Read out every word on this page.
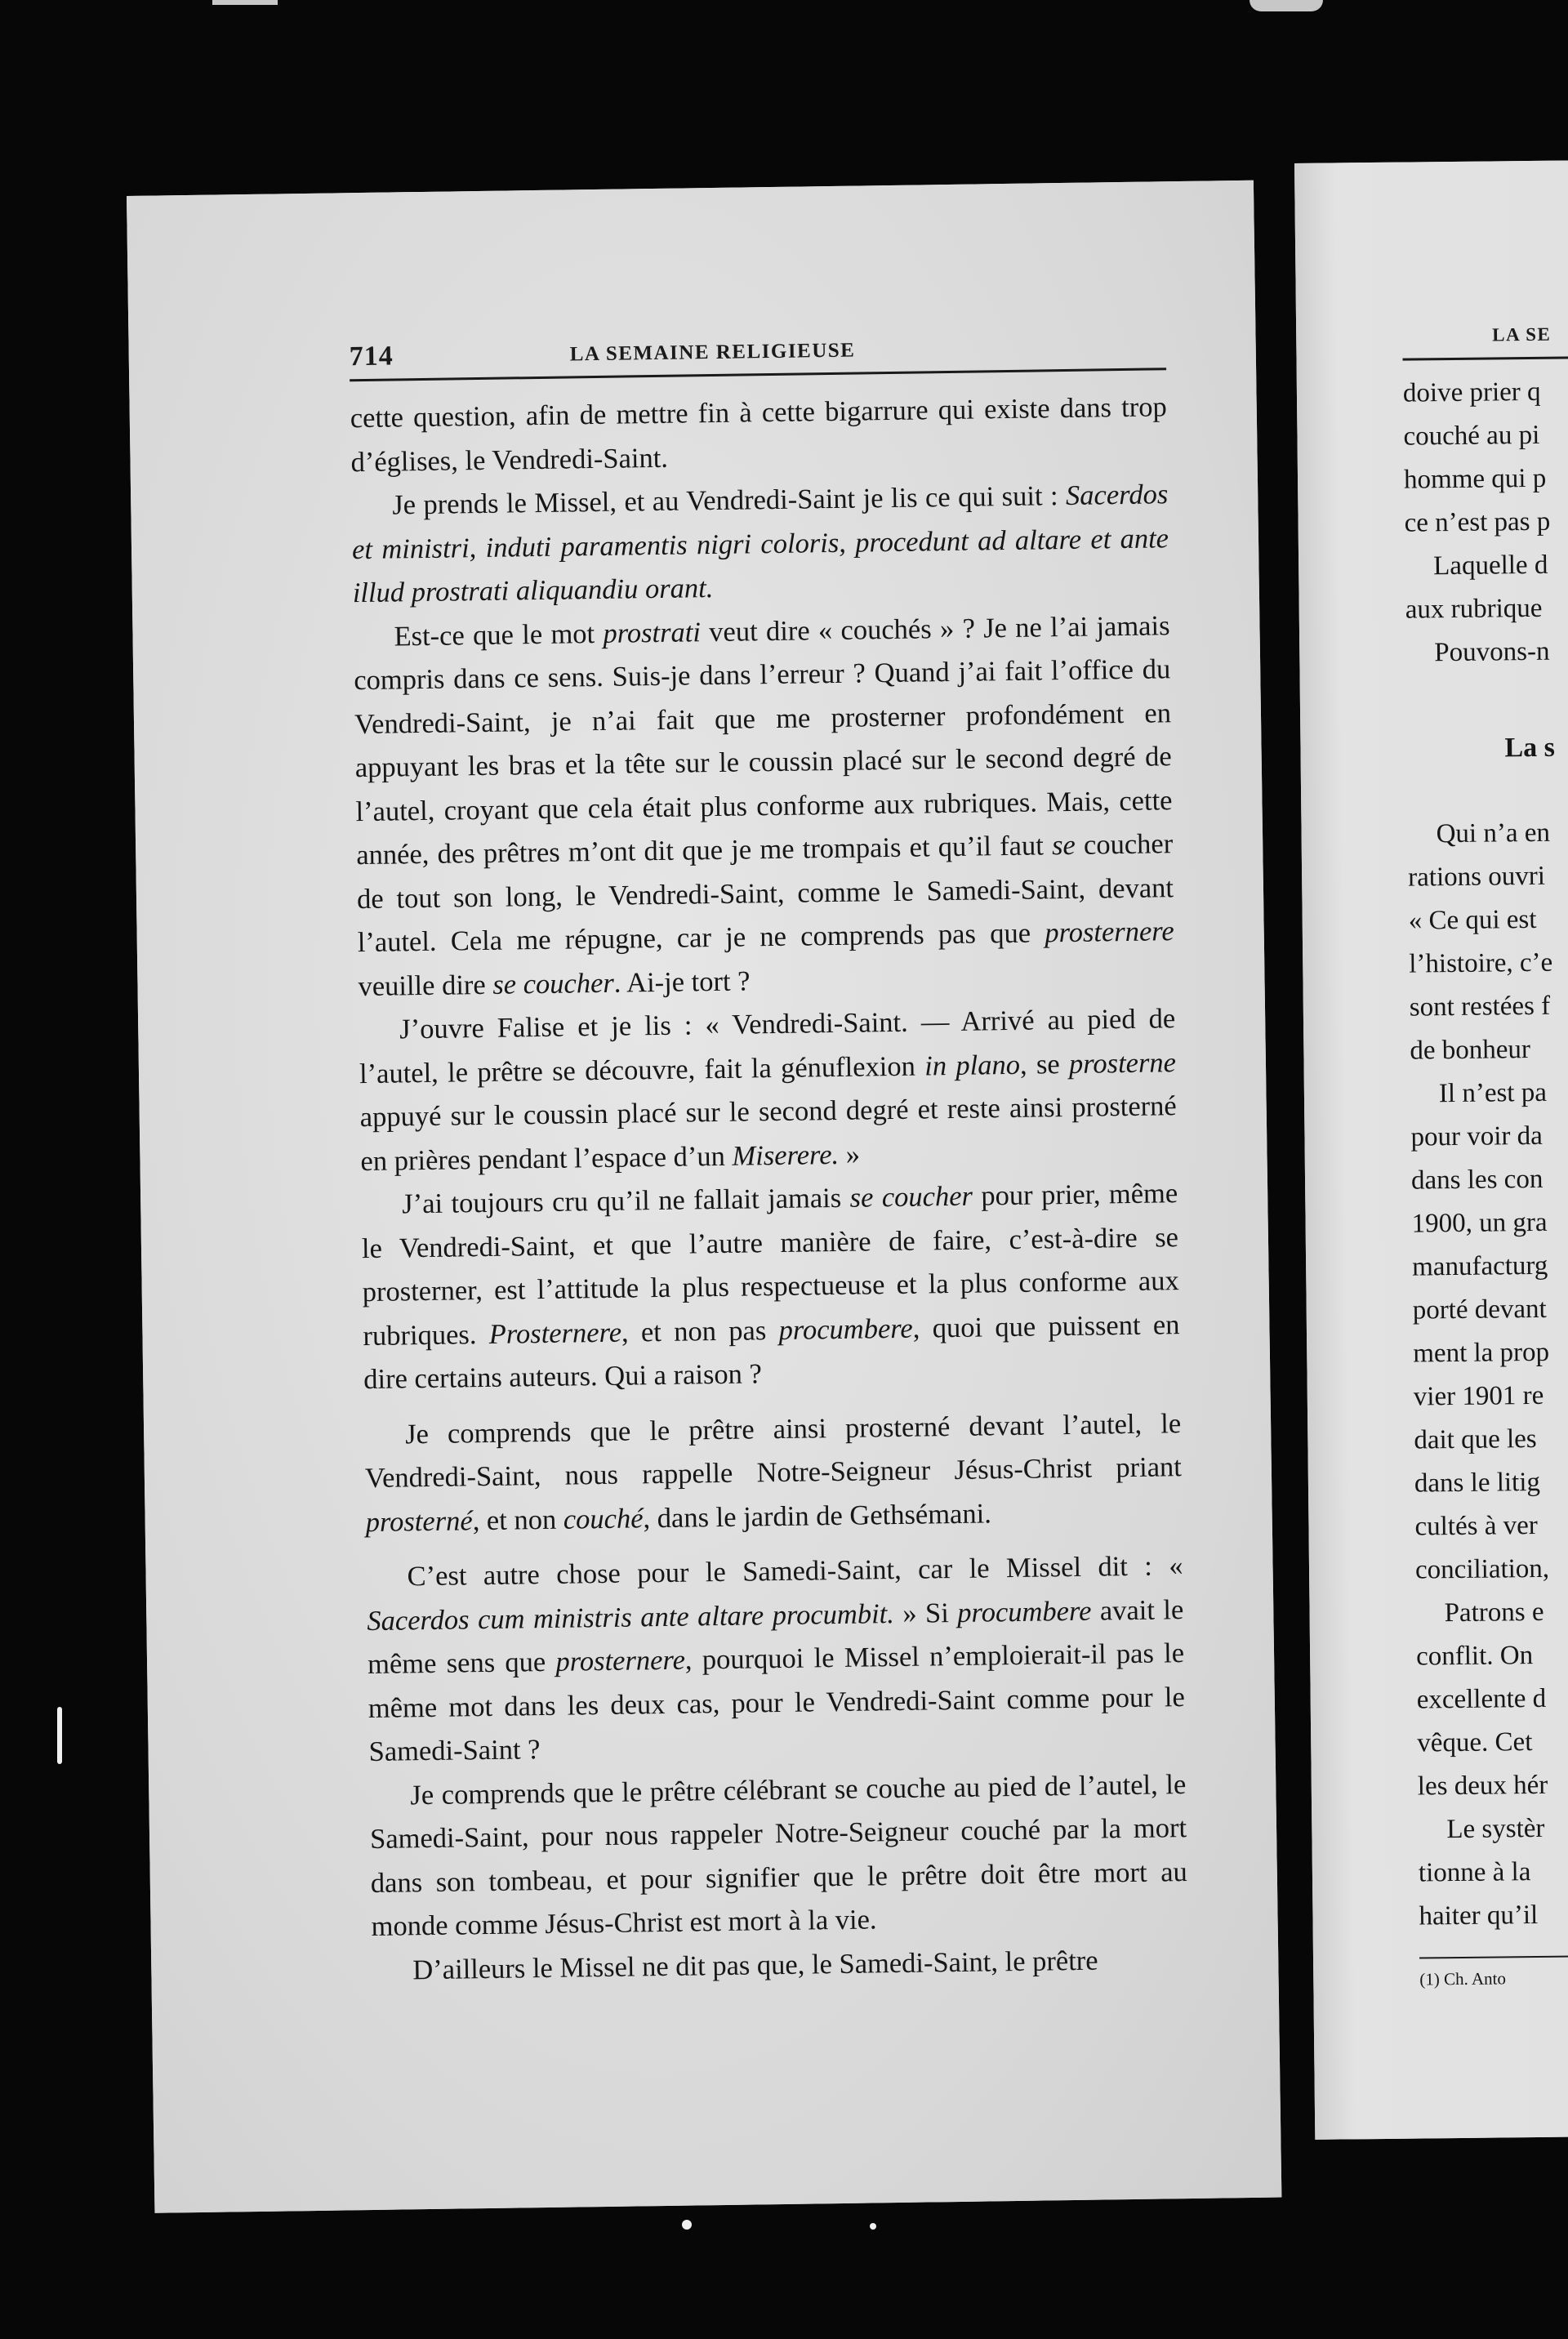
714	LA SEMAINE RELIGIEUSE

cette question, afin de mettre fin à cette bigarrure qui existe dans trop d’églises, le Vendredi-Saint.

Je prends le Missel, et au Vendredi-Saint je lis ce qui suit : Sacerdos et ministri, induti paramentis nigri coloris, procedunt ad altare et ante illud prostrati aliquandiu orant.

Est-ce que le mot prostrati veut dire « couchés » ? Je ne l’ai jamais compris dans ce sens. Suis-je dans l’erreur ? Quand j’ai fait l’office du Vendredi-Saint, je n’ai fait que me prosterner profondément en appuyant les bras et la tête sur le coussin placé sur le second degré de l’autel, croyant que cela était plus conforme aux rubriques. Mais, cette année, des prêtres m’ont dit que je me trompais et qu’il faut se coucher de tout son long, le Vendredi-Saint, comme le Samedi-Saint, devant l’autel. Cela me répugne, car je ne comprends pas que prosternere veuille dire se coucher. Ai-je tort ?

J’ouvre Falise et je lis : « Vendredi-Saint. — Arrivé au pied de l’autel, le prêtre se découvre, fait la génuflexion in plano, se prosterne appuyé sur le coussin placé sur le second degré et reste ainsi prosterné en prières pendant l’espace d’un Miserere. »

J’ai toujours cru qu’il ne fallait jamais se coucher pour prier, même le Vendredi-Saint, et que l’autre manière de faire, c’est-à-dire se prosterner, est l’attitude la plus respectueuse et la plus conforme aux rubriques. Prosternere, et non pas procumbere, quoi que puissent en dire certains auteurs. Qui a raison ?

Je comprends que le prêtre ainsi prosterné devant l’autel, le Vendredi-Saint, nous rappelle Notre-Seigneur Jésus-Christ priant prosterné, et non couché, dans le jardin de Gethsémani.

C’est autre chose pour le Samedi-Saint, car le Missel dit : « Sacerdos cum ministris ante altare procumbit. » Si procumbere avait le même sens que prosternere, pourquoi le Missel n’emploierait-il pas le même mot dans les deux cas, pour le Vendredi-Saint comme pour le Samedi-Saint ?

Je comprends que le prêtre célébrant se couche au pied de l’autel, le Samedi-Saint, pour nous rappeler Notre-Seigneur couché par la mort dans son tombeau, et pour signifier que le prêtre doit être mort au monde comme Jésus-Christ est mort à la vie.

D’ailleurs le Missel ne dit pas que, le Samedi-Saint, le prêtre

LA SE
doive prier q
couché au pi
homme qui p
ce n’est pas p
Laquelle d
aux rubrique
Pouvons-n
La s
Qui n’a en
rations ouvri
« Ce qui est
l’histoire, c’e
sont restées f
de bonheur
Il n’est pa
pour voir da
dans les con
1900, un gra
manufacturg
porté devant
ment la prop
vier 1901 re
dait que les
dans le litig
cultés à ver
conciliation,
Patrons e
conflit. On
excellente d
vêque. Cet
les deux hér
Le systèr
tionne à la
haiter qu’il
(1) Ch. Anto
